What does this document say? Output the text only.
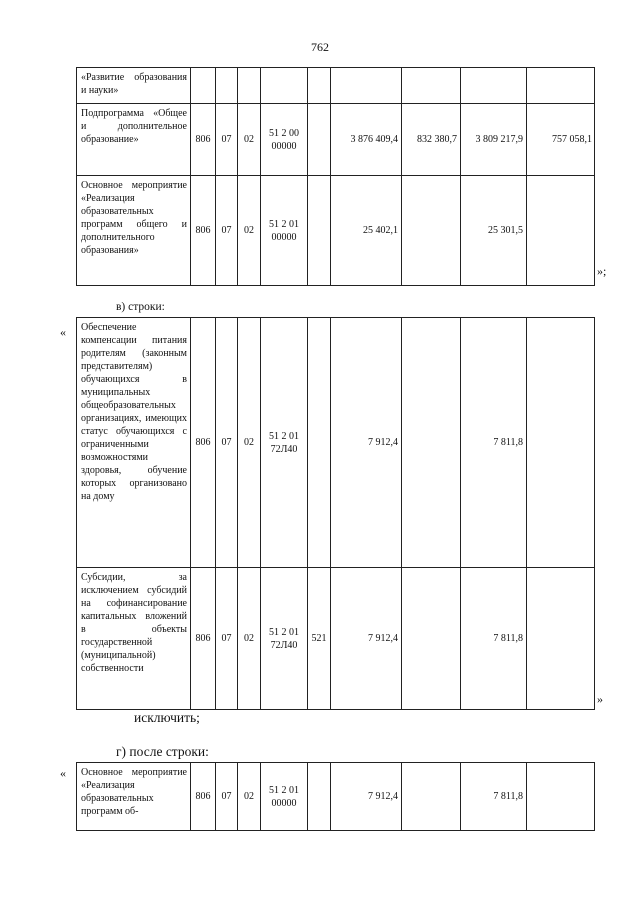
762
«Развитие образования и науки»									
Подпрограмма «Общее и дополнительное образование»	806	07	02	51 2 00 00000		3 876 409,4	832 380,7	3 809 217,9	757 058,1
Основное мероприятие «Реализация образовательных программ общего и дополнительного образования»	806	07	02	51 2 01 00000		25 402,1		25 301,5	
»;
в) строки:
« Обеспечение компенсации питания родителям (законным представителям) обучающихся в муниципальных общеобразовательных организациях, имеющих статус обучающихся с ограниченными возможностями здоровья, обучение которых организовано на дому	806	07	02	51 2 01 72Л40		7 912,4		7 811,8	
Субсидии, за исключением субсидий на софинансирование капитальных вложений в объекты государственной (муниципальной) собственности	806	07	02	51 2 01 72Л40	521	7 912,4		7 811,8	
»
исключить;
г) после строки:
« Основное мероприятие «Реализация образовательных программ об-	806	07	02	51 2 01 00000		7 912,4		7 811,8	
